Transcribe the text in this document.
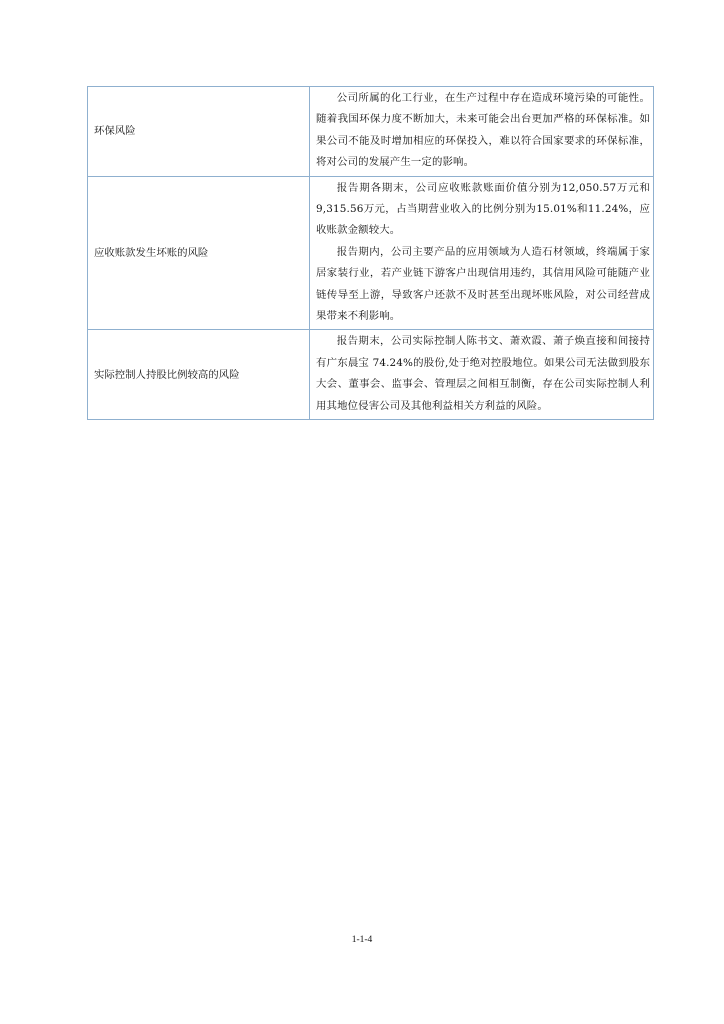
环保风险	公司所属的化工行业，在生产过程中存在造成环境污染的可能性。随着我国环保力度不断加大，未来可能会出台更加严格的环保标准。如果公司不能及时增加相应的环保投入，难以符合国家要求的环保标准，将对公司的发展产生一定的影响。

应收账款发生坏账的风险	报告期各期末，公司应收账款账面价值分别为12,050.57万元和9,315.56万元，占当期营业收入的比例分别为15.01%和11.24%，应收账款金额较大。

报告期内，公司主要产品的应用领域为人造石材领域，终端属于家居家装行业，若产业链下游客户出现信用违约，其信用风险可能随产业链传导至上游，导致客户还款不及时甚至出现坏账风险，对公司经营成果带来不利影响。

实际控制人持股比例较高的风险	报告期末，公司实际控制人陈书文、萧欢霞、萧子焕直接和间接持有广东晨宝 74.24%的股份,处于绝对控股地位。如果公司无法做到股东大会、董事会、监事会、管理层之间相互制衡，存在公司实际控制人利用其地位侵害公司及其他利益相关方利益的风险。

1-1-4
